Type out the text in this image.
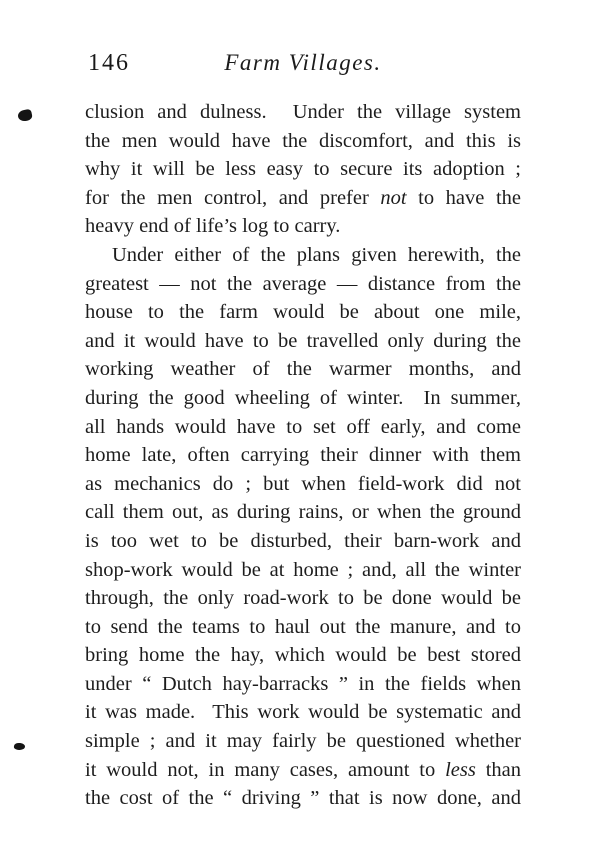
146	Farm Villages.
clusion and dulness.  Under the village system
the men would have the discomfort, and this is
why it will be less easy to secure its adoption ;
for the men control, and prefer not to have the
heavy end of life’s log to carry.
Under either of the plans given herewith, the
greatest — not the average — distance from the
house to the farm would be about one mile,
and it would have to be travelled only during the
working weather of the warmer months, and
during the good wheeling of winter.  In summer,
all hands would have to set off early, and come
home late, often carrying their dinner with them
as mechanics do ; but when field-work did not
call them out, as during rains, or when the ground
is too wet to be disturbed, their barn-work and
shop-work would be at home ; and, all the winter
through, the only road-work to be done would be
to send the teams to haul out the manure, and to
bring home the hay, which would be best stored
under “ Dutch hay-barracks ” in the fields when
it was made.  This work would be systematic and
simple ; and it may fairly be questioned whether
it would not, in many cases, amount to less than
the cost of the “ driving ” that is now done, and
